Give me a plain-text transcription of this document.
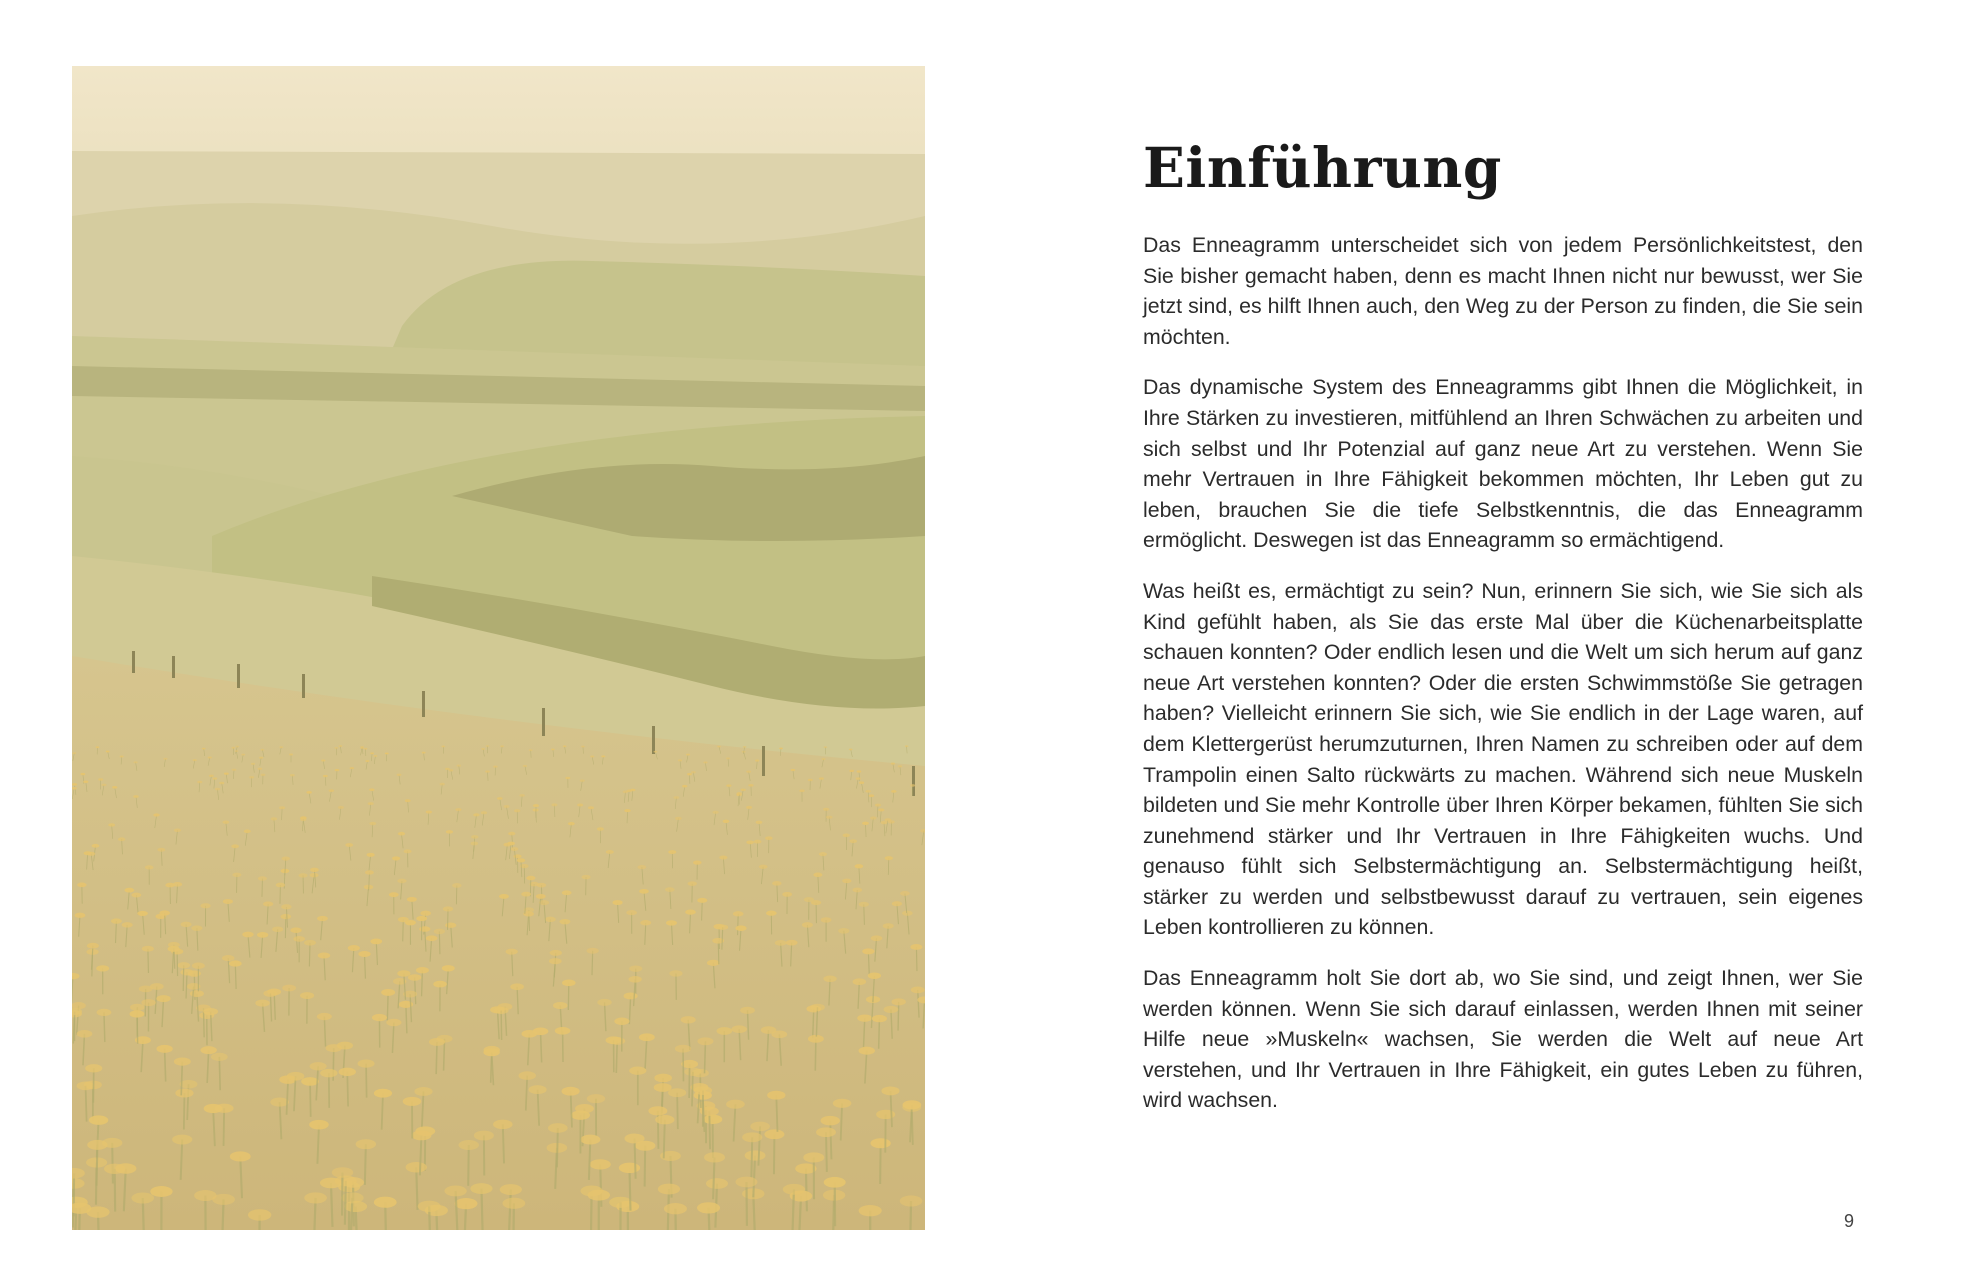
Einführung

Das Enneagramm unterscheidet sich von jedem Persönlichkeitstest, den Sie bisher gemacht haben, denn es macht Ihnen nicht nur bewusst, wer Sie jetzt sind, es hilft Ihnen auch, den Weg zu der Person zu finden, die Sie sein möchten.

Das dynamische System des Enneagramms gibt Ihnen die Möglichkeit, in Ihre Stärken zu investieren, mitfühlend an Ihren Schwächen zu arbeiten und sich selbst und Ihr Potenzial auf ganz neue Art zu verstehen. Wenn Sie mehr Vertrauen in Ihre Fähigkeit bekommen möchten, Ihr Leben gut zu leben, brauchen Sie die tiefe Selbstkenntnis, die das Enneagramm ermöglicht. Deswegen ist das Enneagramm so ermächtigend.

Was heißt es, ermächtigt zu sein? Nun, erinnern Sie sich, wie Sie sich als Kind gefühlt haben, als Sie das erste Mal über die Küchenarbeitsplatte schauen konnten? Oder endlich lesen und die Welt um sich herum auf ganz neue Art verstehen konnten? Oder die ersten Schwimmstöße Sie getragen haben? Vielleicht erinnern Sie sich, wie Sie endlich in der Lage waren, auf dem Klettergerüst herumzuturnen, Ihren Namen zu schreiben oder auf dem Trampolin einen Salto rückwärts zu machen. Während sich neue Muskeln bildeten und Sie mehr Kontrolle über Ihren Körper bekamen, fühlten Sie sich zunehmend stärker und Ihr Vertrauen in Ihre Fähigkeiten wuchs. Und genauso fühlt sich Selbstermächtigung an. Selbstermächtigung heißt, stärker zu werden und selbstbewusst darauf zu vertrauen, sein eigenes Leben kontrollieren zu können.

Das Enneagramm holt Sie dort ab, wo Sie sind, und zeigt Ihnen, wer Sie werden können. Wenn Sie sich darauf einlassen, werden Ihnen mit seiner Hilfe neue »Muskeln« wachsen, Sie werden die Welt auf neue Art verstehen, und Ihr Vertrauen in Ihre Fähigkeit, ein gutes Leben zu führen, wird wachsen.

9
